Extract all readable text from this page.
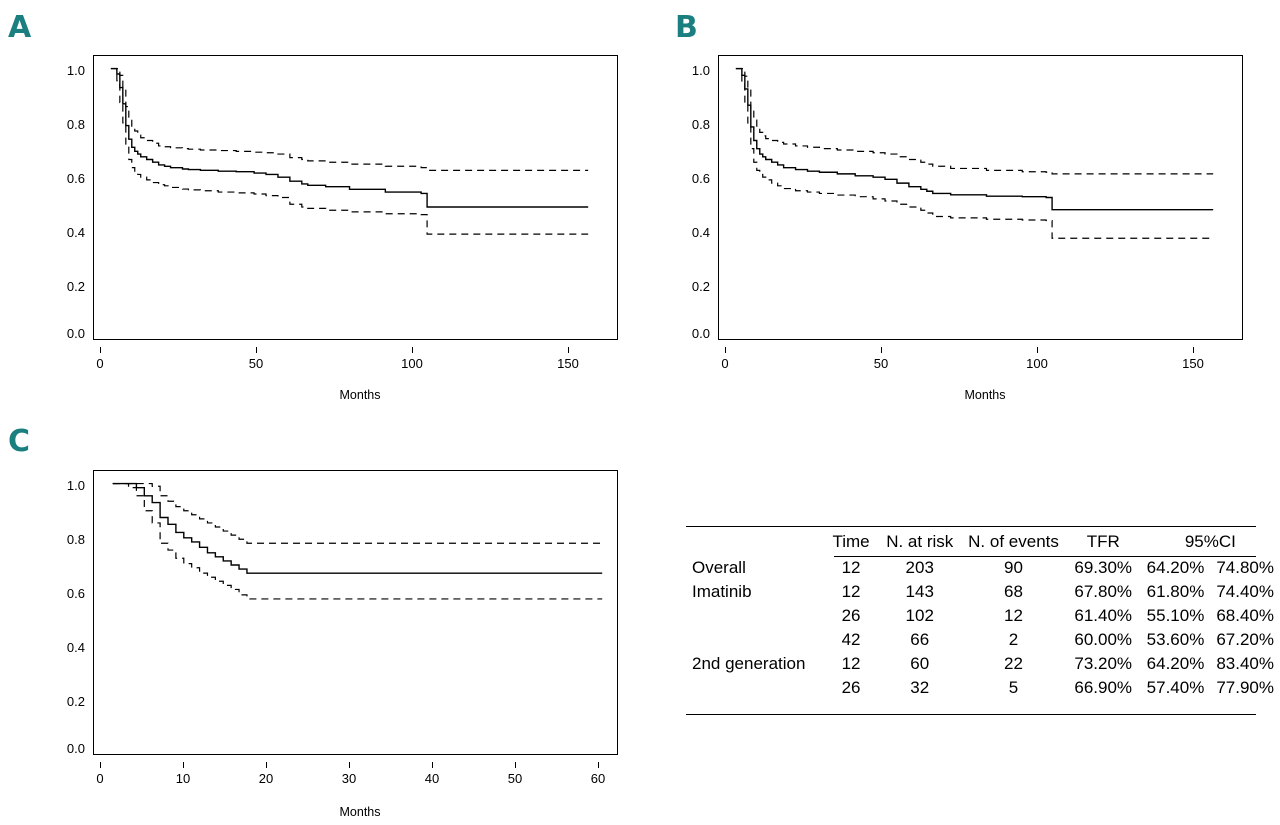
A
1.0
0.8
0.6
0.4
0.2
0.0
0	50	100	150
Months
B
1.0
0.8
0.6
0.4
0.2
0.0
0	50	100	150
Months
C
1.0
0.8
0.6
0.4
0.2
0.0
0	10	20	30	40	50	60
Months
	Time	N. at risk	N. of events	TFR	95%CI	
Overall	12	203	90	69.30%	64.20%	74.80%
Imatinib	12	143	68	67.80%	61.80%	74.40%
	26	102	12	61.40%	55.10%	68.40%
	42	66	2	60.00%	53.60%	67.20%
2nd generation	12	60	22	73.20%	64.20%	83.40%
	26	32	5	66.90%	57.40%	77.90%
